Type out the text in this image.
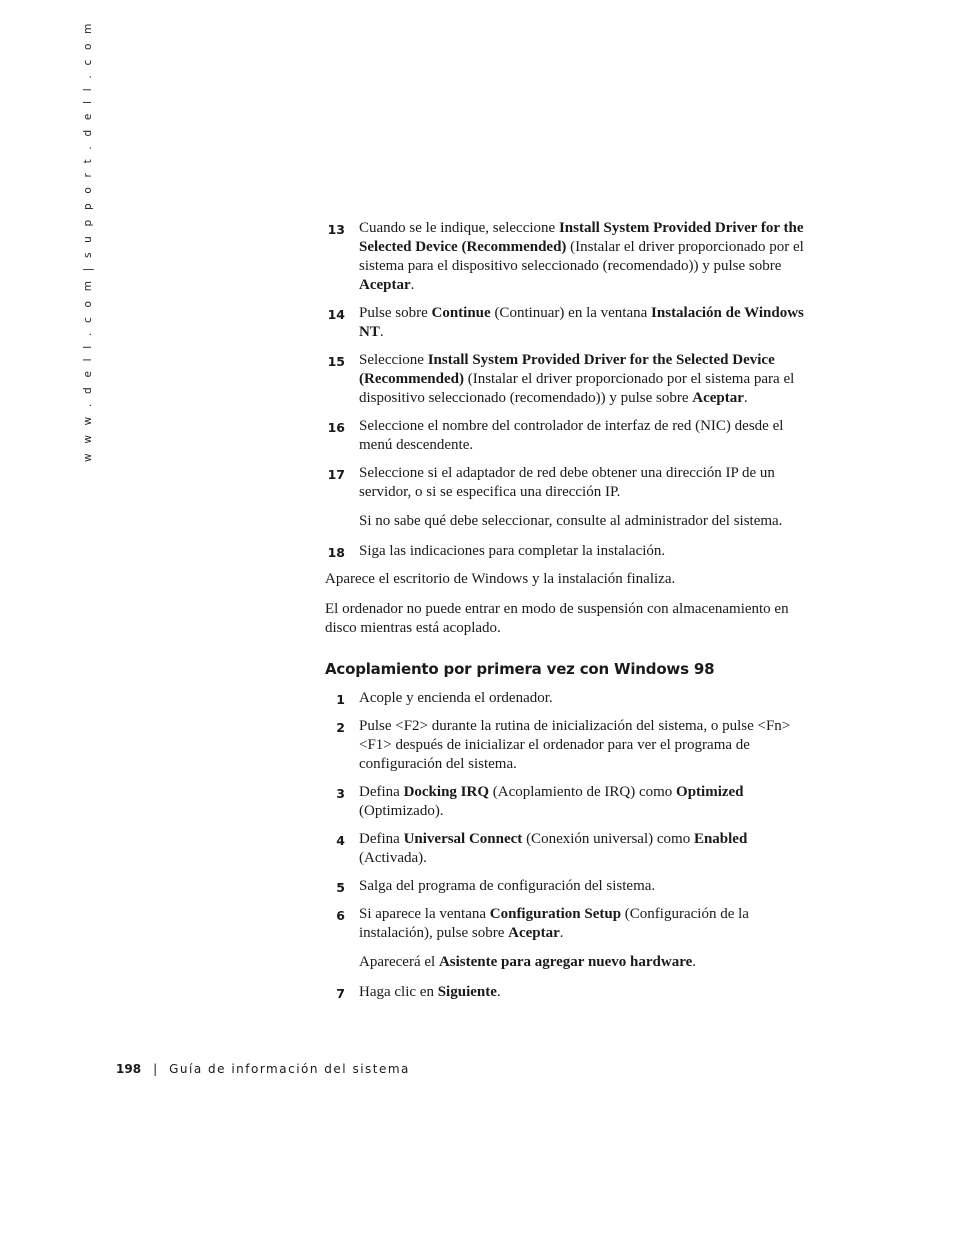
w w w . d e l l . c o m | s u p p o r t . d e l l . c o m	13 Cuando se le indique, seleccione Install System Provided Driver for the Selected Device (Recommended) (Instalar el driver proporcionado por el sistema para el dispositivo seleccionado (recomendado)) y pulse sobre Aceptar.
14 Pulse sobre Continue (Continuar) en la ventana Instalación de Windows NT.
15 Seleccione Install System Provided Driver for the Selected Device (Recommended) (Instalar el driver proporcionado por el sistema para el dispositivo seleccionado (recomendado)) y pulse sobre Aceptar.
16 Seleccione el nombre del controlador de interfaz de red (NIC) desde el menú descendente.
17 Seleccione si el adaptador de red debe obtener una dirección IP de un servidor, o si se especifica una dirección IP.
Si no sabe qué debe seleccionar, consulte al administrador del sistema.
18 Siga las indicaciones para completar la instalación.
Aparece el escritorio de Windows y la instalación finaliza.
El ordenador no puede entrar en modo de suspensión con almacenamiento en disco mientras está acoplado.
Acoplamiento por primera vez con Windows 98
1 Acople y encienda el ordenador.
2 Pulse <F2> durante la rutina de inicialización del sistema, o pulse <Fn><F1> después de inicializar el ordenador para ver el programa de configuración del sistema.
3 Defina Docking IRQ (Acoplamiento de IRQ) como Optimized (Optimizado).
4 Defina Universal Connect (Conexión universal) como Enabled (Activada).
5 Salga del programa de configuración del sistema.
6 Si aparece la ventana Configuration Setup (Configuración de la instalación), pulse sobre Aceptar.
Aparecerá el Asistente para agregar nuevo hardware.
7 Haga clic en Siguiente.
198 | Guía de información del sistema
